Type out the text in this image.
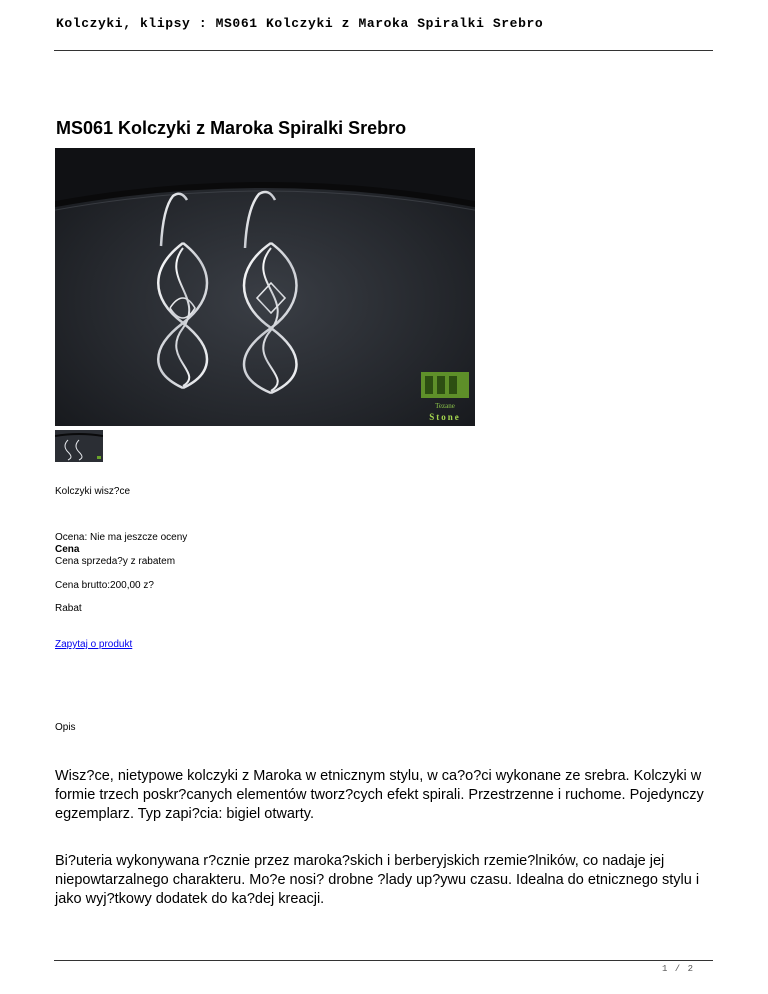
Kolczyki, klipsy : MS061 Kolczyki z Maroka Spiralki Srebro
MS061 Kolczyki z Maroka Spiralki Srebro
Tezane
Stone
Kolczyki wisz?ce
Ocena: Nie ma jeszcze oceny
Cena
Cena sprzeda?y z rabatem
Cena brutto:200,00 z?
Rabat
Zapytaj o produkt
Opis

Wisz?ce, nietypowe kolczyki z Maroka w etnicznym stylu, w ca?o?ci wykonane ze srebra. Kolczyki w formie trzech poskr?canych elementów tworz?cych efekt spirali. Przestrzenne i ruchome. Pojedynczy egzemplarz. Typ zapi?cia: bigiel otwarty.

Bi?uteria wykonywana r?cznie przez maroka?skich i berberyjskich rzemie?lników, co nadaje jej niepowtarzalnego charakteru. Mo?e nosi? drobne ?lady up?ywu czasu. Idealna do etnicznego stylu i jako wyj?tkowy dodatek do ka?dej kreacji.

1 / 2
